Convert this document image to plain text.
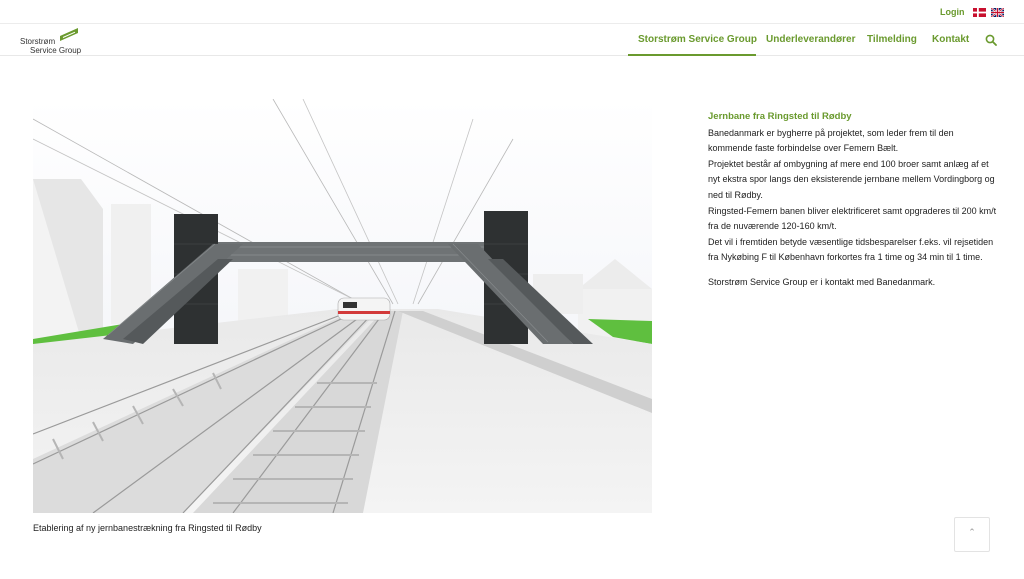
Login
Storstrøm
Service Group
Storstrøm Service Group Underleverandører Tilmelding Kontakt
Etablering af ny jernbanestrækning fra Ringsted til Rødby
Jernbane fra Ringsted til Rødby

Banedanmark er bygherre på projektet, som leder frem til den kommende faste forbindelse over Femern Bælt.

Projektet består af ombygning af mere end 100 broer samt anlæg af et nyt ekstra spor langs den eksisterende jernbane mellem Vordingborg og ned til Rødby.

Ringsted-Femern banen bliver elektrificeret samt opgraderes til 200 km/t fra de nuværende 120-160 km/t.

Det vil i fremtiden betyde væsentlige tidsbesparelser f.eks. vil rejsetiden fra Nykøbing F til København forkortes fra 1 time og 34 min til 1 time.

Storstrøm Service Group er i kontakt med Banedanmark.

⌃
